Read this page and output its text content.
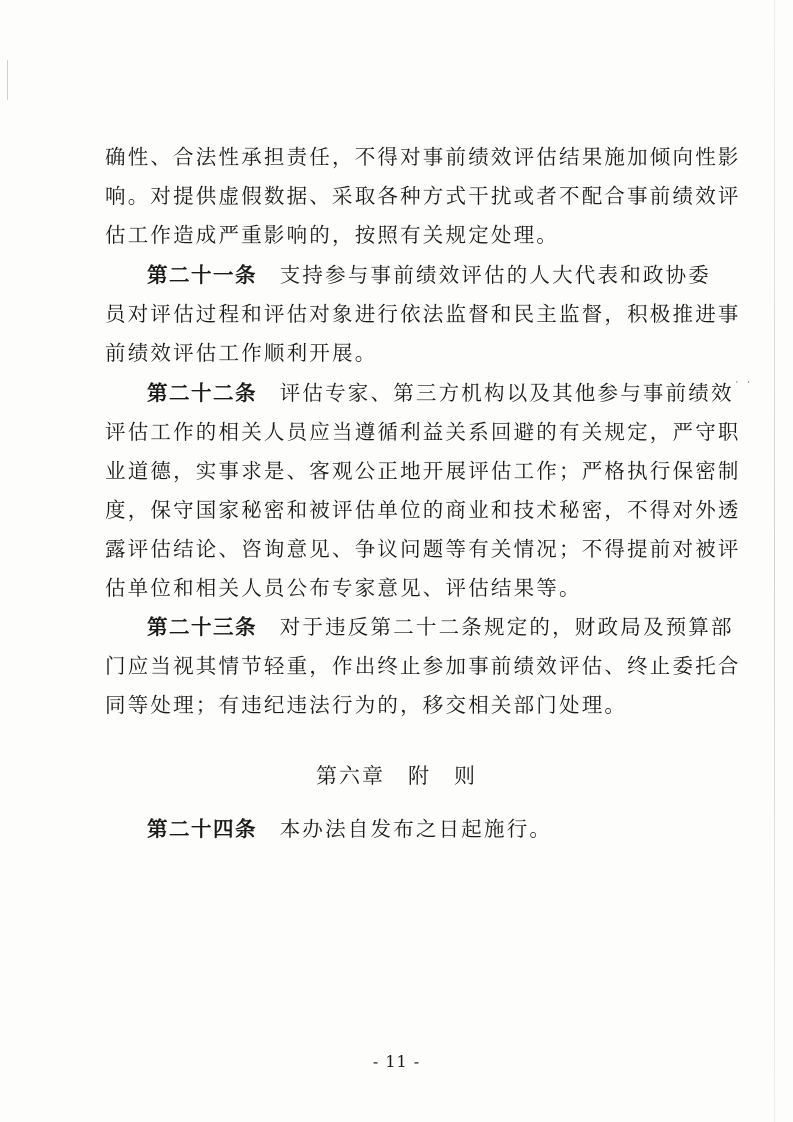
· ·
确性、合法性承担责任，不得对事前绩效评估结果施加倾向性影
响。对提供虚假数据、采取各种方式干扰或者不配合事前绩效评
估工作造成严重影响的，按照有关规定处理。
第二十一条　支持参与事前绩效评估的人大代表和政协委
员对评估过程和评估对象进行依法监督和民主监督，积极推进事
前绩效评估工作顺利开展。
第二十二条　评估专家、第三方机构以及其他参与事前绩效
评估工作的相关人员应当遵循利益关系回避的有关规定，严守职
业道德，实事求是、客观公正地开展评估工作；严格执行保密制
度，保守国家秘密和被评估单位的商业和技术秘密，不得对外透
露评估结论、咨询意见、争议问题等有关情况；不得提前对被评
估单位和相关人员公布专家意见、评估结果等。
第二十三条　对于违反第二十二条规定的，财政局及预算部
门应当视其情节轻重，作出终止参加事前绩效评估、终止委托合
同等处理；有违纪违法行为的，移交相关部门处理。
第六章　附　则
第二十四条　本办法自发布之日起施行。
- 11 -
